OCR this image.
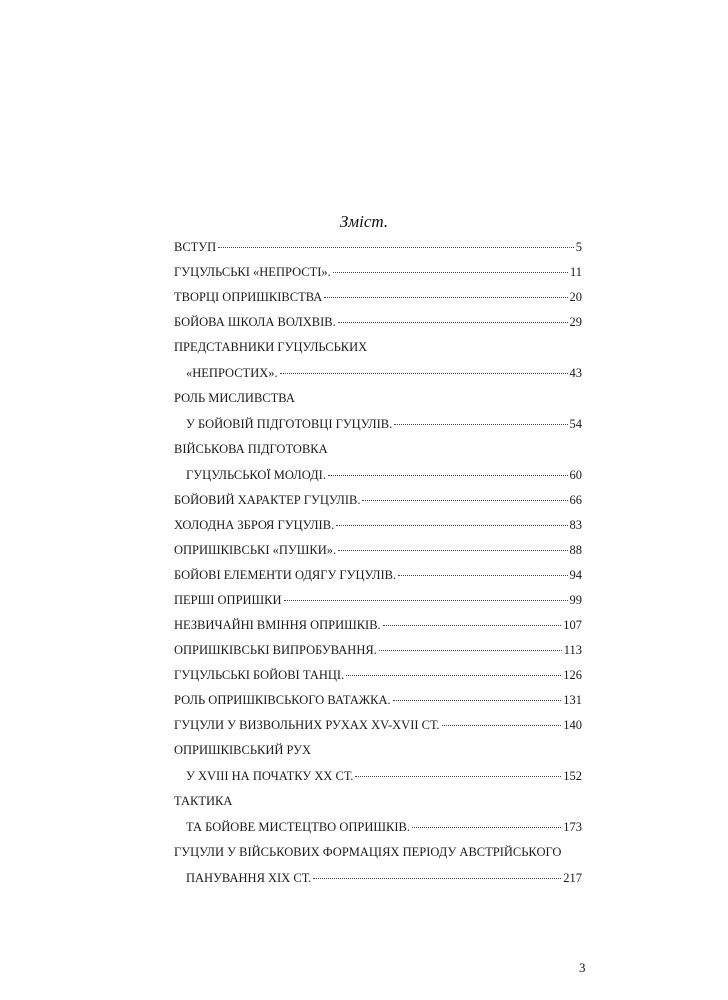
Зміст.
ВСТУП	5
ГУЦУЛЬСЬКІ «НЕПРОСТІ».	11
ТВОРЦІ ОПРИШКІВСТВА	20
БОЙОВА ШКОЛА ВОЛХВІВ.	29
ПРЕДСТАВНИКИ ГУЦУЛЬСЬКИХ
«НЕПРОСТИХ».	43
РОЛЬ МИСЛИВСТВА
У БОЙОВІЙ ПІДГОТОВЦІ ГУЦУЛІВ.	54
ВІЙСЬКОВА ПІДГОТОВКА
ГУЦУЛЬСЬКОЇ МОЛОДІ.	60
БОЙОВИЙ ХАРАКТЕР ГУЦУЛІВ.	66
ХОЛОДНА ЗБРОЯ ГУЦУЛІВ.	83
ОПРИШКІВСЬКІ «ПУШКИ».	88
БОЙОВІ ЕЛЕМЕНТИ ОДЯГУ ГУЦУЛІВ.	94
ПЕРШІ ОПРИШКИ	99
НЕЗВИЧАЙНІ ВМІННЯ ОПРИШКІВ.	107
ОПРИШКІВСЬКІ ВИПРОБУВАННЯ.	113
ГУЦУЛЬСЬКІ БОЙОВІ ТАНЦІ.	126
РОЛЬ ОПРИШКІВСЬКОГО ВАТАЖКА.	131
ГУЦУЛИ У ВИЗВОЛЬНИХ РУХАХ XV-XVII СТ.	140
ОПРИШКІВСЬКИЙ РУХ
У XVIII НА ПОЧАТКУ XX СТ.	152
ТАКТИКА
ТА БОЙОВЕ МИСТЕЦТВО ОПРИШКІВ.	173
ГУЦУЛИ У ВІЙСЬКОВИХ ФОРМАЦІЯХ ПЕРІОДУ АВСТРІЙСЬКОГО
ПАНУВАННЯ XIX СТ.	217
3
